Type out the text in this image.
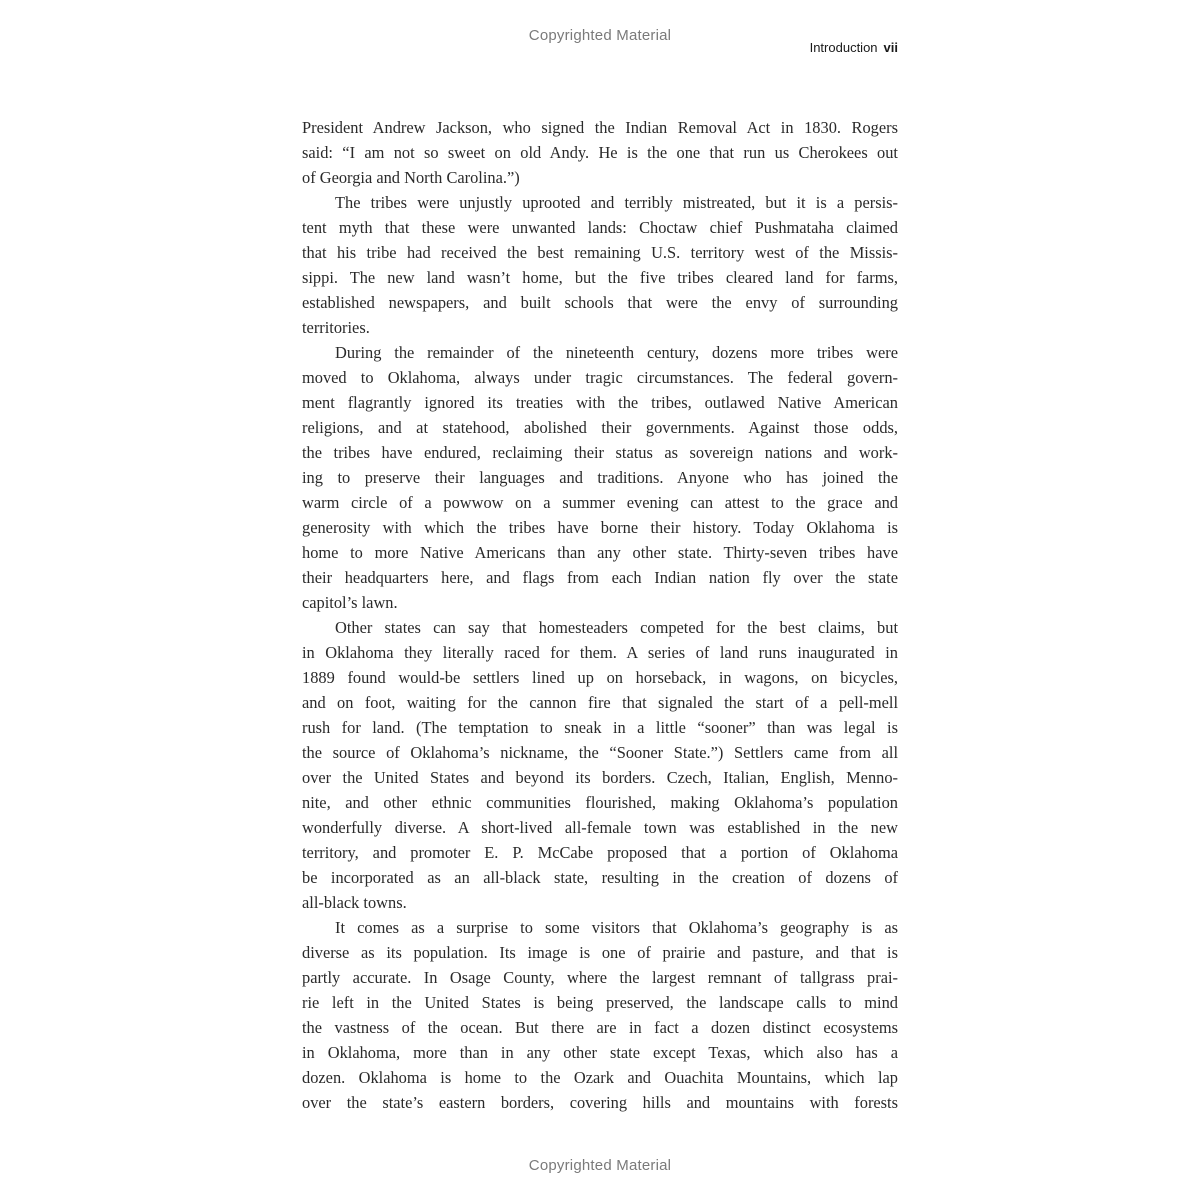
Copyrighted Material
Introduction vii
President Andrew Jackson, who signed the Indian Removal Act in 1830. Rogers
said: “I am not so sweet on old Andy. He is the one that run us Cherokees out
of Georgia and North Carolina.”)
The tribes were unjustly uprooted and terribly mistreated, but it is a persis-
tent myth that these were unwanted lands: Choctaw chief Pushmataha claimed
that his tribe had received the best remaining U.S. territory west of the Missis-
sippi. The new land wasn’t home, but the five tribes cleared land for farms,
established newspapers, and built schools that were the envy of surrounding
territories.
During the remainder of the nineteenth century, dozens more tribes were
moved to Oklahoma, always under tragic circumstances. The federal govern-
ment flagrantly ignored its treaties with the tribes, outlawed Native American
religions, and at statehood, abolished their governments. Against those odds,
the tribes have endured, reclaiming their status as sovereign nations and work-
ing to preserve their languages and traditions. Anyone who has joined the
warm circle of a powwow on a summer evening can attest to the grace and
generosity with which the tribes have borne their history. Today Oklahoma is
home to more Native Americans than any other state. Thirty-seven tribes have
their headquarters here, and flags from each Indian nation fly over the state
capitol’s lawn.
Other states can say that homesteaders competed for the best claims, but
in Oklahoma they literally raced for them. A series of land runs inaugurated in
1889 found would-be settlers lined up on horseback, in wagons, on bicycles,
and on foot, waiting for the cannon fire that signaled the start of a pell-mell
rush for land. (The temptation to sneak in a little “sooner” than was legal is
the source of Oklahoma’s nickname, the “Sooner State.”) Settlers came from all
over the United States and beyond its borders. Czech, Italian, English, Menno-
nite, and other ethnic communities flourished, making Oklahoma’s population
wonderfully diverse. A short-lived all-female town was established in the new
territory, and promoter E. P. McCabe proposed that a portion of Oklahoma
be incorporated as an all-black state, resulting in the creation of dozens of
all-black towns.
It comes as a surprise to some visitors that Oklahoma’s geography is as
diverse as its population. Its image is one of prairie and pasture, and that is
partly accurate. In Osage County, where the largest remnant of tallgrass prai-
rie left in the United States is being preserved, the landscape calls to mind
the vastness of the ocean. But there are in fact a dozen distinct ecosystems
in Oklahoma, more than in any other state except Texas, which also has a
dozen. Oklahoma is home to the Ozark and Ouachita Mountains, which lap
over the state’s eastern borders, covering hills and mountains with forests
Copyrighted Material
